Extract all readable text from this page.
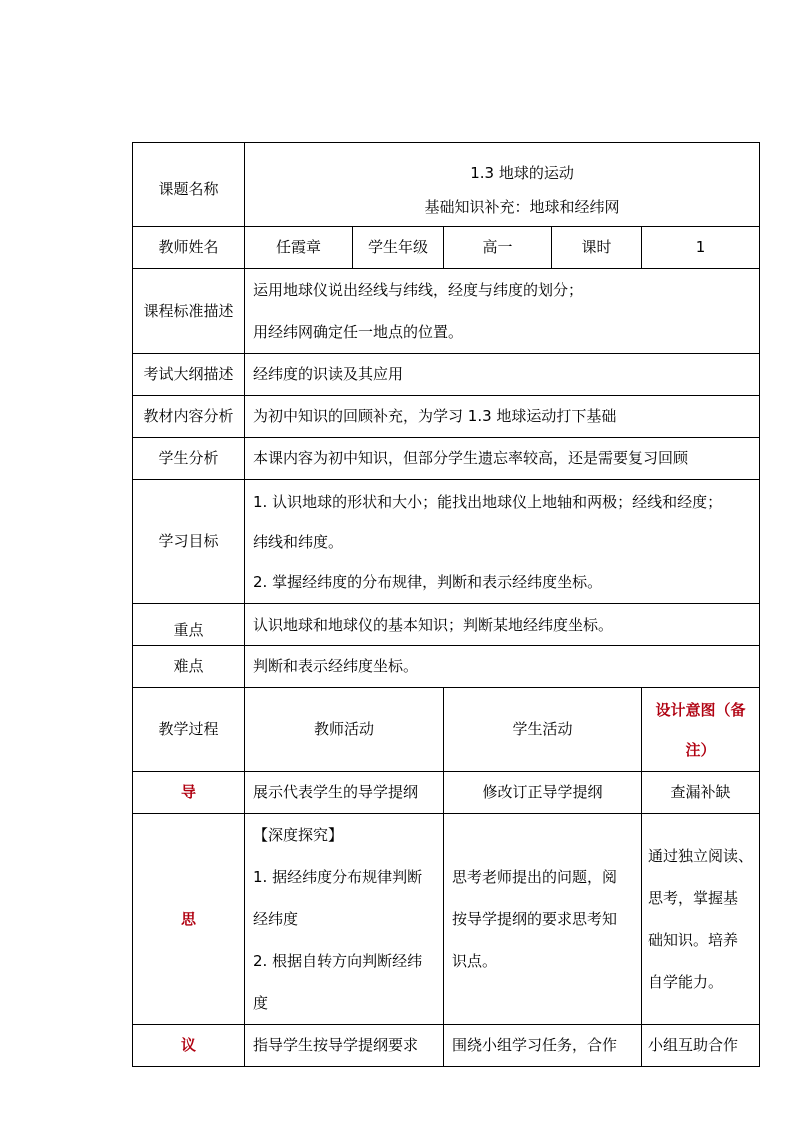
课题名称	1.3 地球的运动
基础知识补充：地球和经纬网				

教师姓名	任霞章	学生年级	高一	课时	1
课程标准描述	运用地球仪说出经线与纬线，经度与纬度的划分；
用经纬网确定任一地点的位置。				

考试大纲描述	经纬度的识读及其应用				
教材内容分析	为初中知识的回顾补充，为学习 1.3 地球运动打下基础				
学生分析	本课内容为初中知识，但部分学生遗忘率较高，还是需要复习回顾				
学习目标	1. 认识地球的形状和大小；能找出地球仪上地轴和两极；经线和经度；
纬线和纬度。
2. 掌握经纬度的分布规律，判断和表示经纬度坐标。				

重点	认识地球和地球仪的基本知识；判断某地经纬度坐标。				
难点	判断和表示经纬度坐标。				
教学过程	教师活动		学生活动		设计意图（备
注）

导	展示代表学生的导学提纲		修改订正导学提纲		查漏补缺
思	【深度探究】
1. 据经纬度分布规律判断
经纬度
2. 根据自转方向判断经纬
度		思考老师提出的问题，阅
按导学提纲的要求思考知
识点。		通过独立阅读、
思考，掌握基
础知识。培养
自学能力。

议	指导学生按导学提纲要求		围绕小组学习任务，合作		小组互助合作
